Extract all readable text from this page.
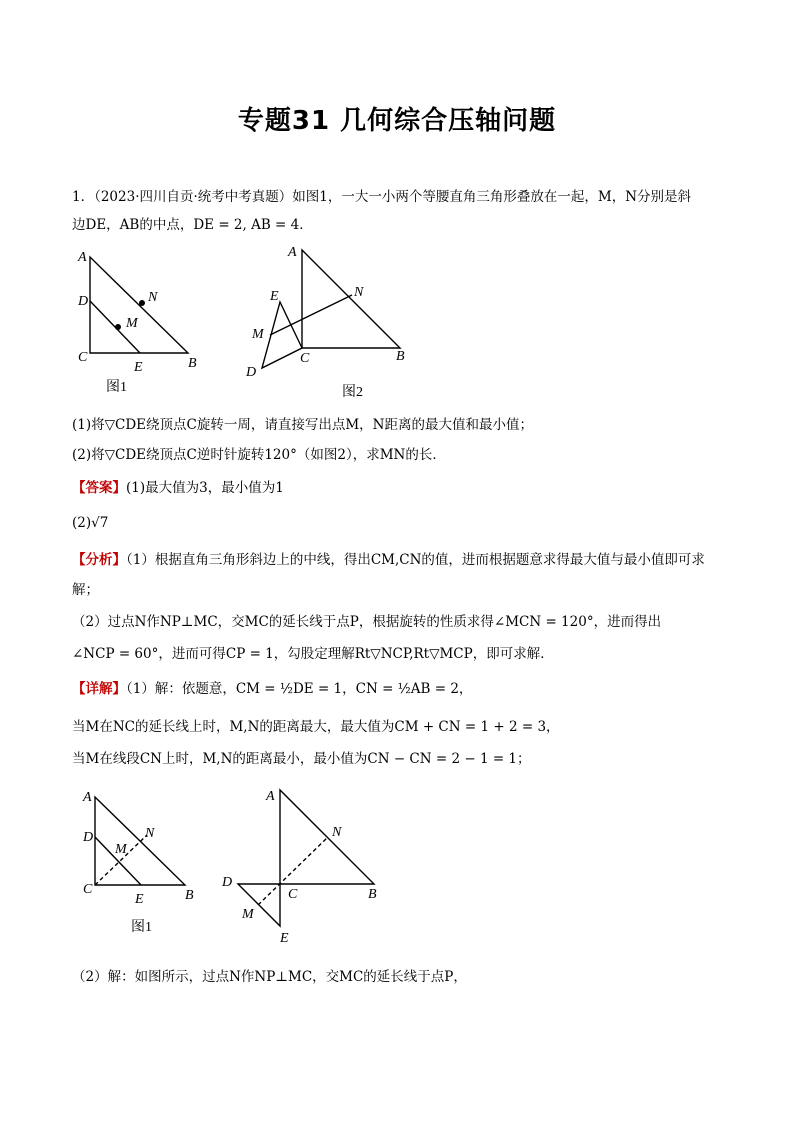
专题31 几何综合压轴问题
1．（2023·四川自贡·统考中考真题）如图1，一大一小两个等腰直角三角形叠放在一起，M，N分别是斜
边DE，AB的中点，DE = 2, AB = 4．
A
D	N
M
C
E	B
图1
A
E	N
M
C	B
D
图2
(1)将▽CDE绕顶点C旋转一周，请直接写出点M，N距离的最大值和最小值；
(2)将▽CDE绕顶点C逆时针旋转120°（如图2），求MN的长．
【答案】(1)最大值为3，最小值为1
(2)√7
【分析】（1）根据直角三角形斜边上的中线，得出CM,CN的值，进而根据题意求得最大值与最小值即可求
解；
（2）过点N作NP⊥MC，交MC的延长线于点P，根据旋转的性质求得∠MCN = 120°，进而得出
∠NCP = 60°，进而可得CP = 1，勾股定理解Rt▽NCP,Rt▽MCP，即可求解．
【详解】（1）解：依题意，CM = ½DE = 1，CN = ½AB = 2，
当M在NC的延长线上时，M,N的距离最大，最大值为CM + CN = 1 + 2 = 3，
当M在线段CN上时，M,N的距离最小，最小值为CN − CN = 2 − 1 = 1；
A
D	N
M
C
E	B
图1
A
N
D
C	B
M
E
（2）解：如图所示，过点N作NP⊥MC，交MC的延长线于点P，
